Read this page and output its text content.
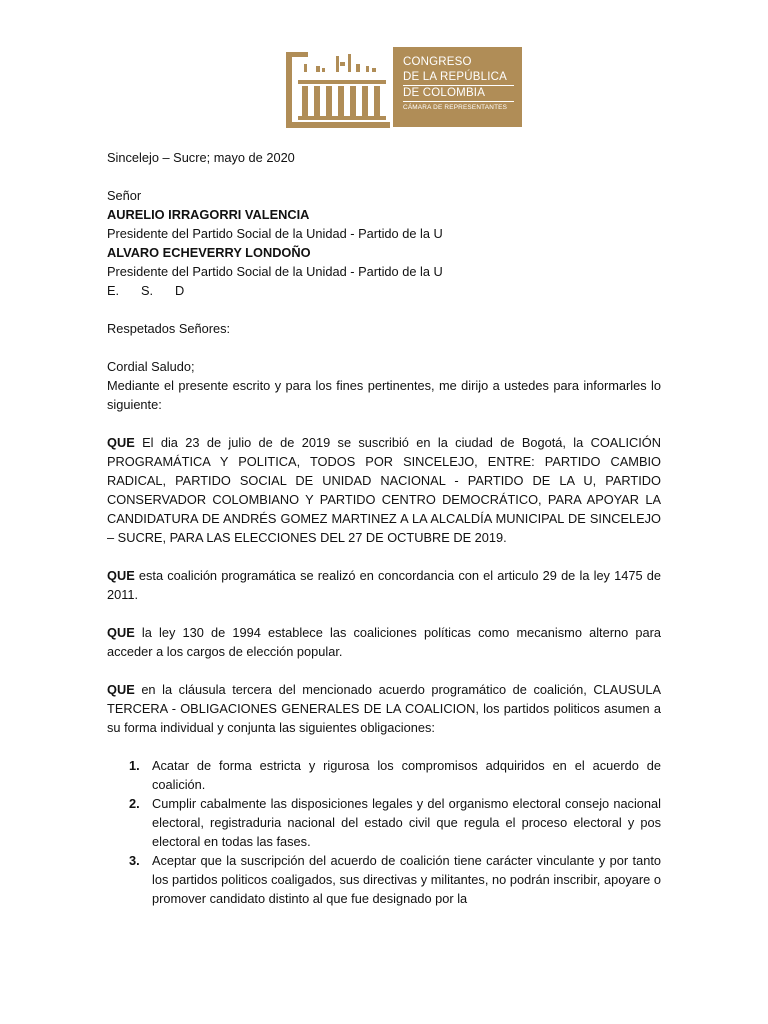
CONGRESO
DE LA REPÚBLICA
DE COLOMBIA
CÁMARA DE REPRESENTANTES

Sincelejo – Sucre; mayo de 2020

Señor

AURELIO IRRAGORRI VALENCIA

Presidente del Partido Social de la Unidad - Partido de la U

ALVARO ECHEVERRY LONDOÑO

Presidente del Partido Social de la Unidad - Partido de la U

E. S. D

Respetados Señores:

Cordial Saludo;

Mediante el presente escrito y para los fines pertinentes, me dirijo a ustedes para informarles lo siguiente:

QUE El dia 23 de julio de de 2019 se suscribió en la ciudad de Bogotá, la COALICIÓN PROGRAMÁTICA Y POLITICA, TODOS POR SINCELEJO, ENTRE: PARTIDO CAMBIO RADICAL, PARTIDO SOCIAL DE UNIDAD NACIONAL - PARTIDO DE LA U, PARTIDO CONSERVADOR COLOMBIANO Y PARTIDO CENTRO DEMOCRÁTICO, PARA APOYAR LA CANDIDATURA DE ANDRÉS GOMEZ MARTINEZ A LA ALCALDÍA MUNICIPAL DE SINCELEJO – SUCRE, PARA LAS ELECCIONES DEL 27 DE OCTUBRE DE 2019.

QUE esta coalición programática se realizó en concordancia con el articulo 29 de la ley 1475 de 2011.

QUE la ley 130 de 1994 establece las coaliciones políticas como mecanismo alterno para acceder a los cargos de elección popular.

QUE en la cláusula tercera del mencionado acuerdo programático de coalición, CLAUSULA TERCERA - OBLIGACIONES GENERALES DE LA COALICION, los partidos politicos asumen a su forma individual y conjunta las siguientes obligaciones:

1. Acatar de forma estricta y rigurosa los compromisos adquiridos en el acuerdo de coalición.
2. Cumplir cabalmente las disposiciones legales y del organismo electoral consejo nacional electoral, registraduria nacional del estado civil que regula el proceso electoral y pos electoral en todas las fases.
3. Aceptar que la suscripción del acuerdo de coalición tiene carácter vinculante y por tanto los partidos politicos coaligados, sus directivas y militantes, no podrán inscribir, apoyare o promover candidato distinto al que fue designado por la
